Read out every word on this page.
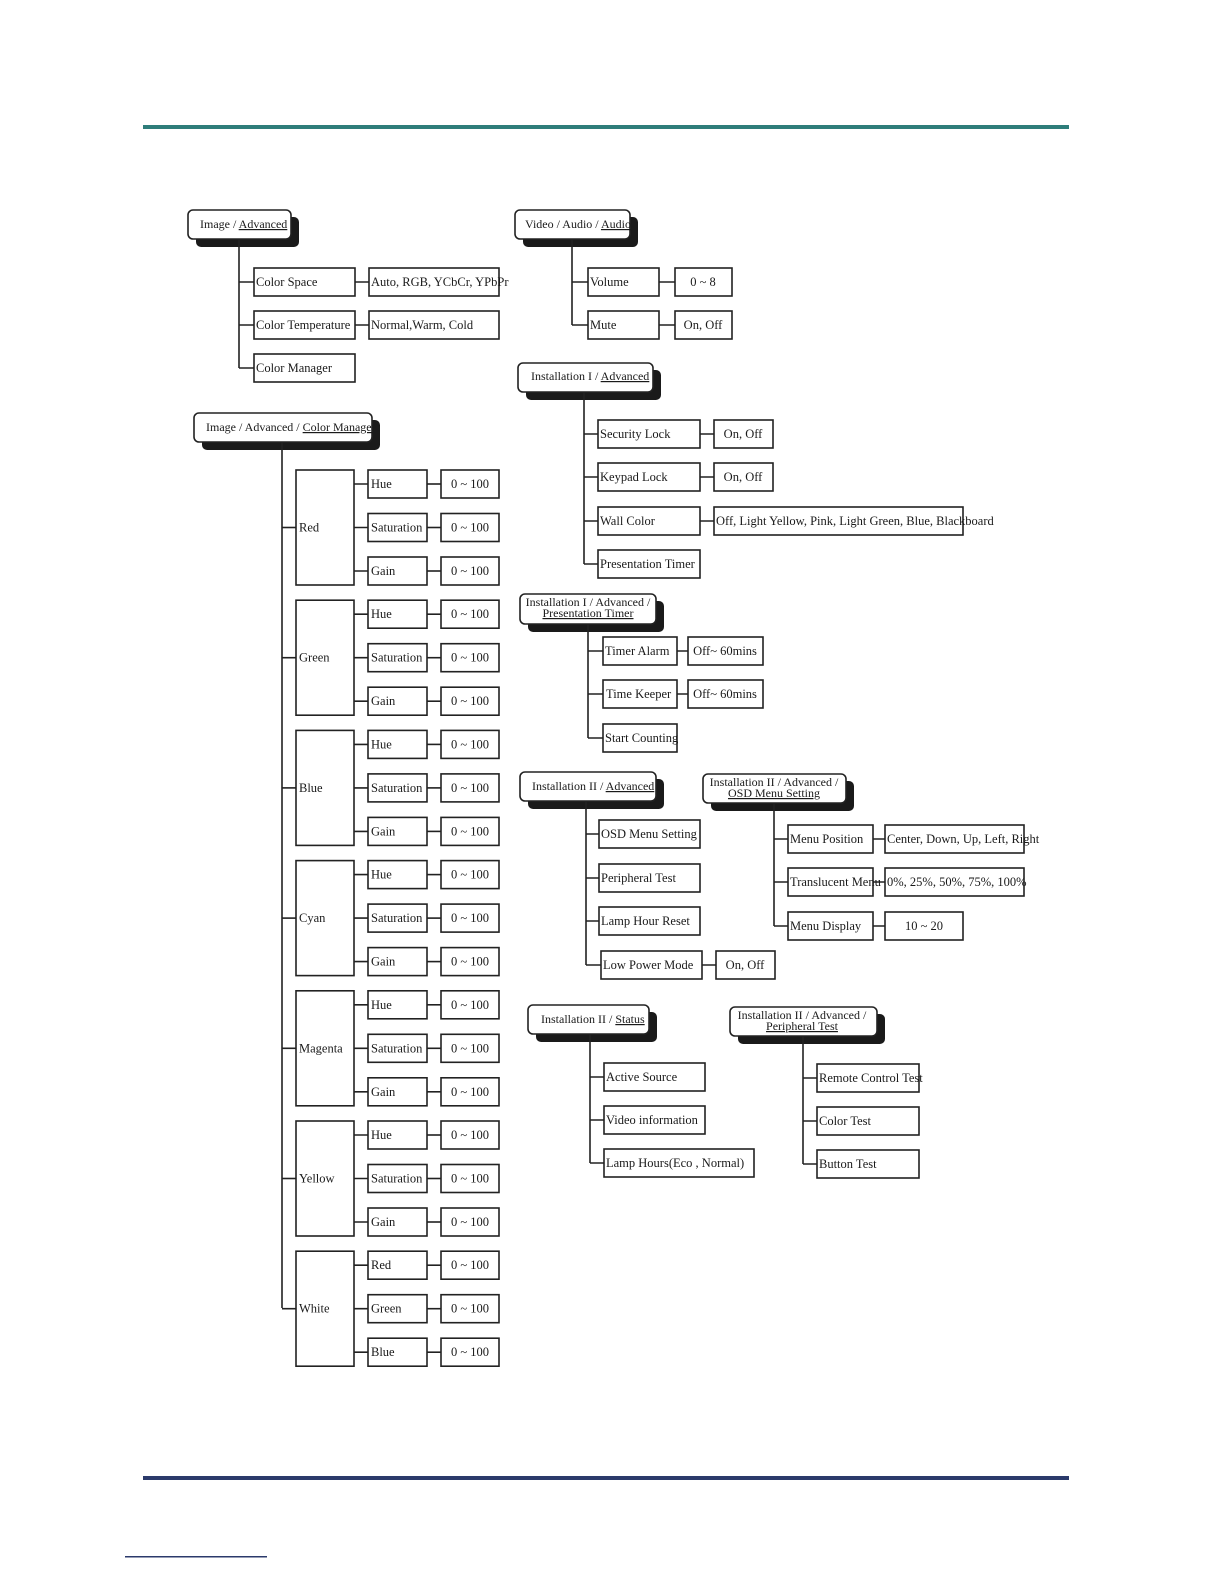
Image / Advanced
Color Space	Auto, RGB, YCbCr, YPbPr
Color Temperature Normal,Warm, Cold
Color Manager
Image / Advanced / Color Manager
Red
Hue	0 ~ 100
Saturation 0 ~ 100
Gain	0 ~ 100
Green
Hue	0 ~ 100
Saturation 0 ~ 100
Gain	0 ~ 100
Blue
Hue	0 ~ 100
Saturation 0 ~ 100
Gain	0 ~ 100
Cyan
Hue	0 ~ 100
Saturation 0 ~ 100
Gain	0 ~ 100
Magenta
Hue	0 ~ 100
Saturation 0 ~ 100
Gain	0 ~ 100
Yellow
Hue	0 ~ 100
Saturation 0 ~ 100
Gain	0 ~ 100
White
Red	0 ~ 100
Green	0 ~ 100
Blue	0 ~ 100
Video / Audio / Audio
Volume	0 ~ 8
Mute	On, Off
Installation I / Advanced
Security Lock	On, Off
Keypad Lock	On, Off
Wall Color	Off, Light Yellow, Pink, Light Green, Blue, Blackboard
Presentation Timer
Installation I / Advanced /
Presentation Timer
Timer Alarm Off~ 60mins
Time Keeper Off~ 60mins
Start Counting
Installation II / Advanced
OSD Menu Setting
Peripheral Test
Lamp Hour Reset
Low Power Mode	On, Off
Installation II / Advanced /
OSD Menu Setting
Menu Position Center, Down, Up, Left, Right
Translucent Menu 0%, 25%, 50%, 75%, 100%
Menu Display	10 ~ 20
Installation II / Status
Active Source
Video information
Lamp Hours(Eco , Normal)
Installation II / Advanced /
Peripheral Test
Remote Control Test
Color Test
Button Test
